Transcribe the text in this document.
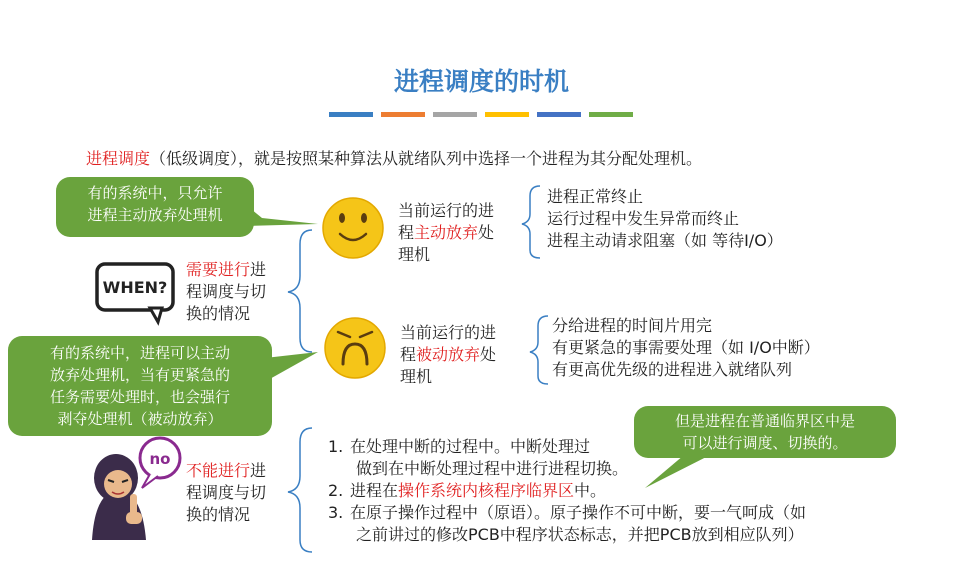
进程调度的时机
进程调度（低级调度），就是按照某种算法从就绪队列中选择一个进程为其分配处理机。
WHEN?
no
有的系统中，只允许
进程主动放弃处理机
有的系统中，进程可以主动
放弃处理机，当有更紧急的
任务需要处理时，也会强行
剥夺处理机（被动放弃）	但是进程在普通临界区中是
可以进行调度、切换的。
需要进行进
程调度与切
换的情况
不能进行进
程调度与切
换的情况
当前运行的进
程主动放弃处
理机
当前运行的进
程被动放弃处
理机
进程正常终止
运行过程中发生异常而终止
进程主动请求阻塞（如 等待I/O）
分给进程的时间片用完
有更紧急的事需要处理（如 I/O中断）
有更高优先级的进程进入就绪队列
1. 在处理中断的过程中。中断处理过
做到在中断处理过程中进行进程切换。
2. 进程在操作系统内核程序临界区中。
3. 在原子操作过程中（原语）。原子操作不可中断，要一气呵成（如
之前讲过的修改PCB中程序状态标志，并把PCB放到相应队列）
